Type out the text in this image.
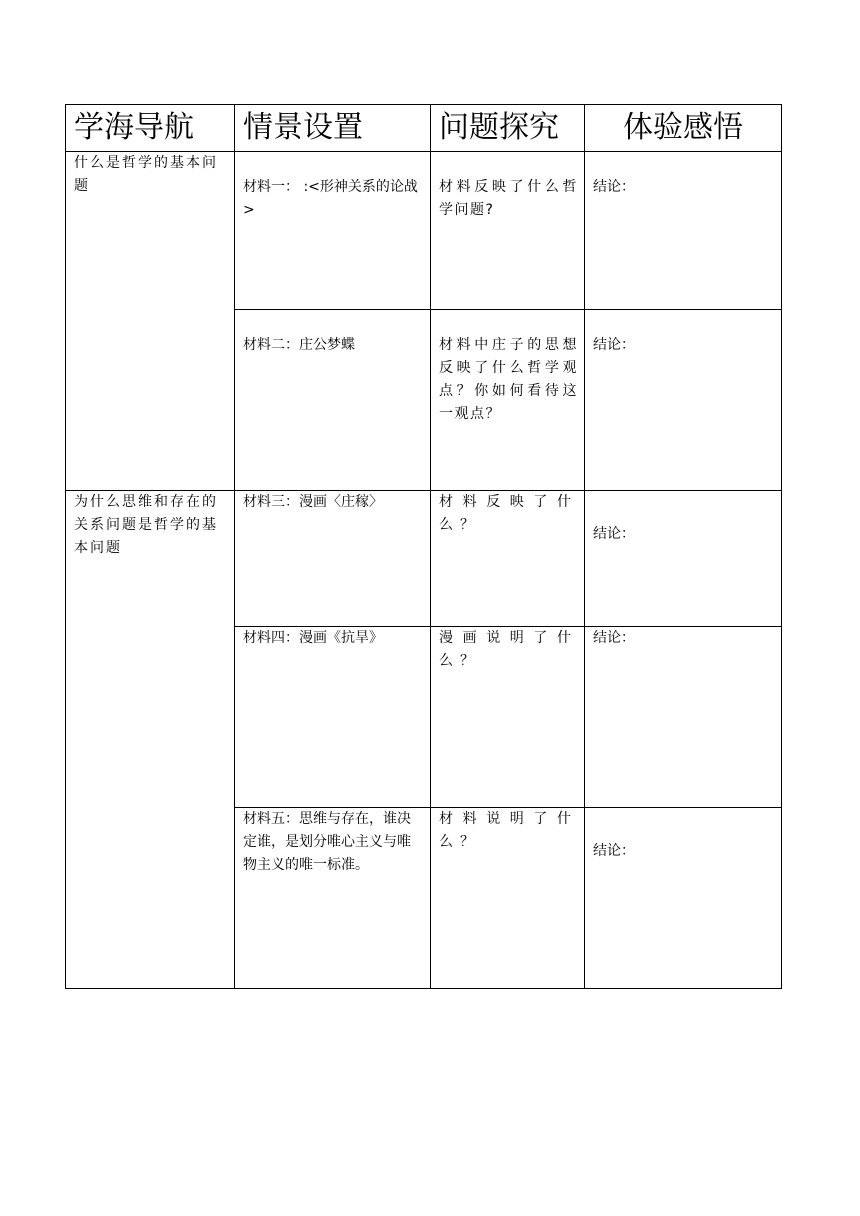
学海导航	情景设置	问题探究	体验感悟
什么是哲学的基本问题	材料一： :<形神关系的论战>	材料反映了什么哲学问题?	结论：
	材料二：庄公梦蝶	材料中庄子的思想反映了什么哲学观点？你如何看待这一观点？	结论：
为什么思维和存在的关系问题是哲学的基本问题	材料三：漫画〈庄稼〉	材料反映了什么？	结论：
	材料四：漫画《抗旱》	漫画说明了什么？	结论：
	材料五：思维与存在，谁决定谁，是划分唯心主义与唯物主义的唯一标准。	材料说明了什么？	结论：
